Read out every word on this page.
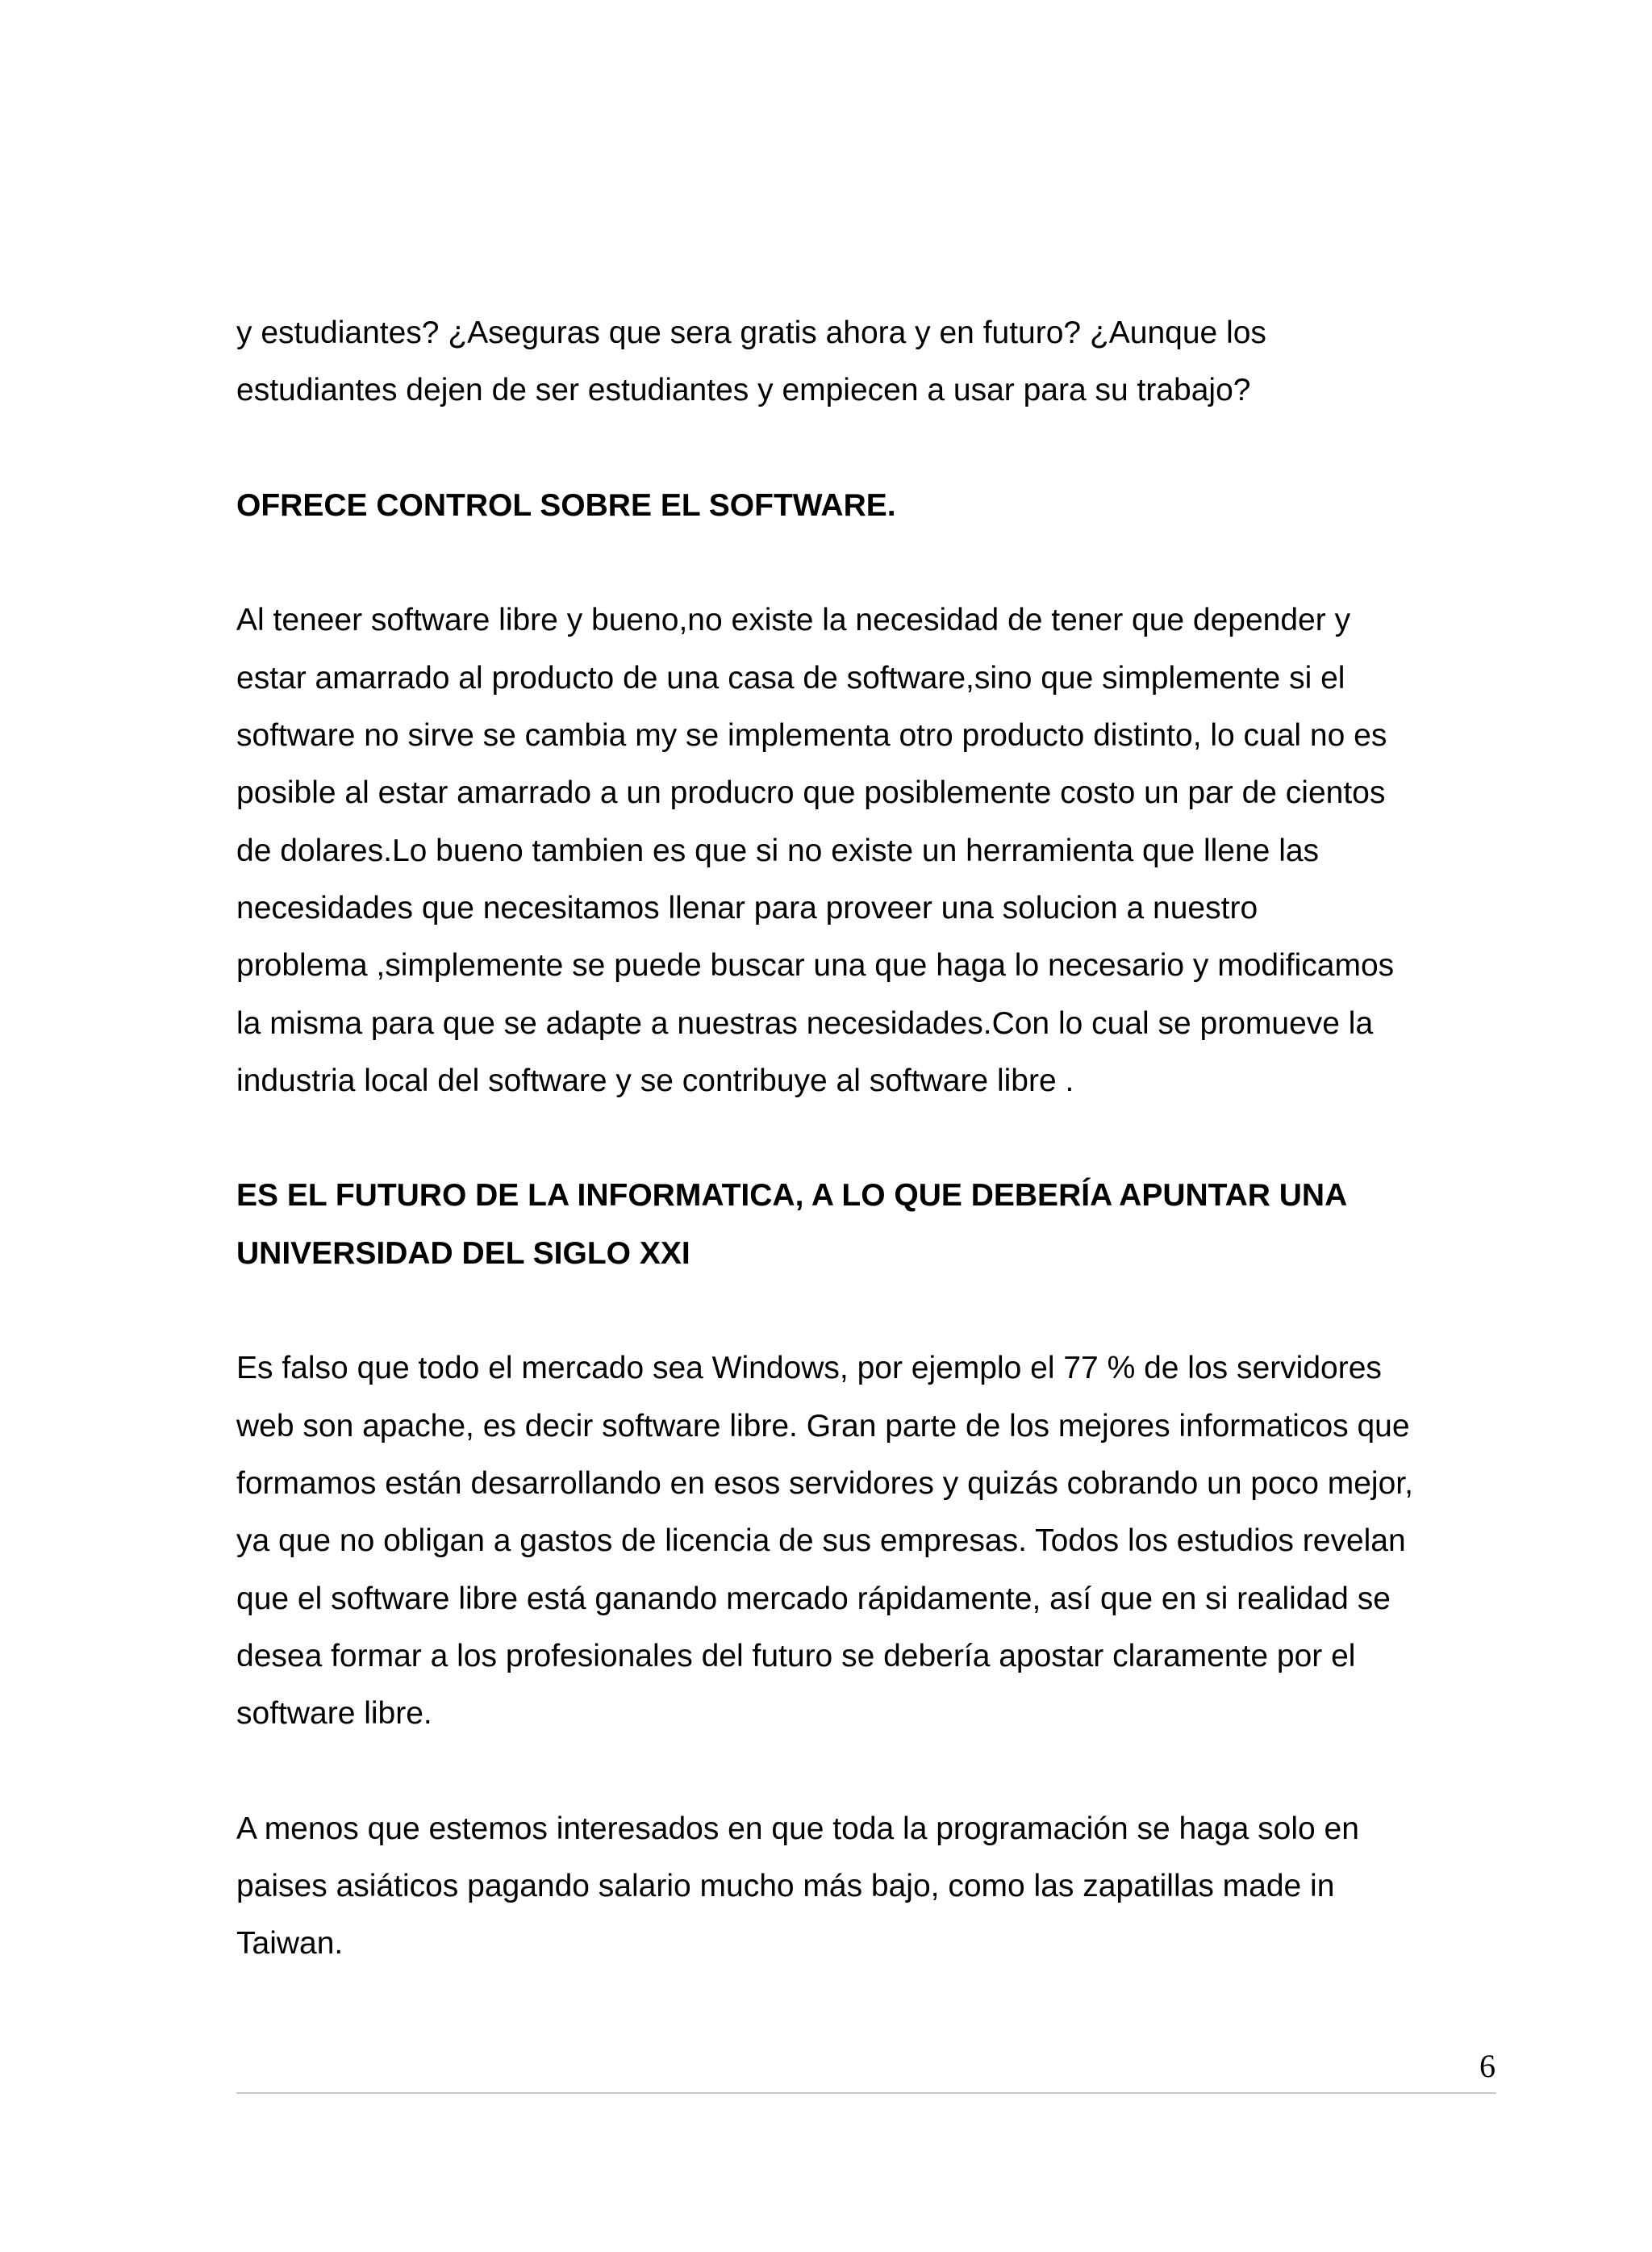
y estudiantes? ¿Aseguras que sera gratis ahora y en futuro? ¿Aunque los
estudiantes dejen de ser estudiantes y empiecen a usar para su trabajo?

OFRECE CONTROL SOBRE EL SOFTWARE.

Al teneer software libre y bueno,no existe la necesidad de tener que depender y
estar amarrado al producto de una casa de software,sino que simplemente si el
software no sirve se cambia my se implementa otro producto distinto, lo cual no es
posible al estar amarrado a un producro que posiblemente costo un par de cientos
de dolares.Lo bueno tambien es que si no existe un herramienta que llene las
necesidades que necesitamos llenar para proveer una solucion a nuestro
problema ,simplemente se puede buscar una que haga lo necesario y modificamos
la misma para que se adapte a nuestras necesidades.Con lo cual se promueve la
industria local del software y se contribuye al software libre .

ES EL FUTURO DE LA INFORMATICA, A LO QUE DEBERÍA APUNTAR UNA
UNIVERSIDAD DEL SIGLO XXI

Es falso que todo el mercado sea Windows, por ejemplo el 77 % de los servidores
web son apache, es decir software libre. Gran parte de los mejores informaticos que
formamos están desarrollando en esos servidores y quizás cobrando un poco mejor,
ya que no obligan a gastos de licencia de sus empresas. Todos los estudios revelan
que el software libre está ganando mercado rápidamente, así que en si realidad se
desea formar a los profesionales del futuro se debería apostar claramente por el
software libre.

A menos que estemos interesados en que toda la programación se haga solo en
paises asiáticos pagando salario mucho más bajo, como las zapatillas made in
Taiwan.

6
